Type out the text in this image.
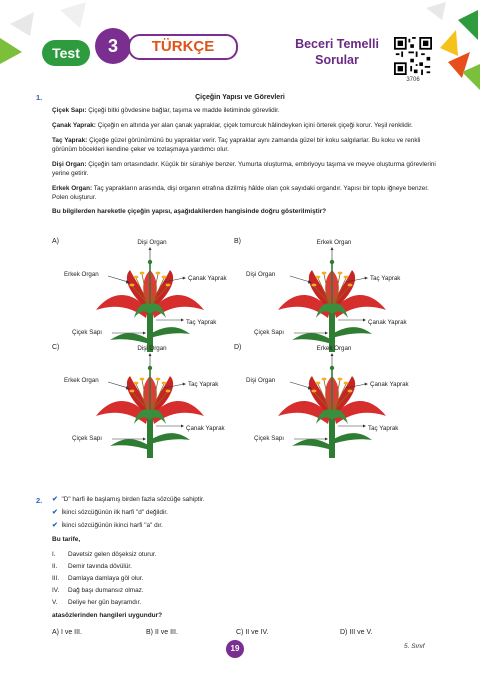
Test	3	TÜRKÇE	Beceri Temelli Sorular
3706
1.	Çiçeğin Yapısı ve Görevleri

Çiçek Sapı: Çiçeği bitki gövdesine bağlar, taşıma ve madde iletiminde görevlidir.

Çanak Yaprak: Çiçeğin en altında yer alan çanak yapraklar, çiçek tomurcuk hâlindeyken içini örterek çiçeği korur. Yeşil renklidir.

Taç Yaprak: Çiçeğe güzel görünümünü bu yapraklar verir. Taç yapraklar aynı zamanda güzel bir koku salgılarlar. Bu koku ve renkli görünüm böcekleri kendine çeker ve tozlaşmaya yardımcı olur.

Dişi Organ: Çiçeğin tam ortasındadır. Küçük bir sürahiye benzer. Yumurta oluşturma, embriyoyu taşıma ve meyve oluşturma görevlerini yerine getirir.

Erkek Organ: Taç yaprakların arasında, dişi organın etrafına dizilmiş hâlde olan çok sayıdaki organdır. Yapısı bir toplu iğneye benzer. Polen oluşturur.

Bu bilgilerden hareketle çiçeğin yapısı, aşağıdakilerden hangisinde doğru gösterilmiştir?

A)	Dişi Organ
Erkek Organ
Çanak Yaprak
Taç Yaprak
Çiçek Sapı
B)	Erkek Organ
Dişi Organ
Taç Yaprak
Çanak Yaprak
Çiçek Sapı
C)	Dişi Organ
Erkek Organ
Taç Yaprak
Çanak Yaprak
Çiçek Sapı
D)	Erkek Organ
Dişi Organ
Çanak Yaprak
Taç Yaprak
Çiçek Sapı
2. ✔ "D" harfi ile başlamış birden fazla sözcüğe sahiptir.
✔ İkinci sözcüğünün ilk harfi "d" değildir.
✔ İkinci sözcüğünün ikinci harfi "a" dır.
Bu tarife,
I. Davetsiz gelen döşeksiz oturur.
II. Demir tavında dövülür.
III. Damlaya damlaya göl olur.
IV. Dağ başı dumansız olmaz.
V. Deliye her gün bayramdır.
atasözlerinden hangileri uygundur?
A) I ve III.	B) II ve III.	C) II ve IV.	D) III ve V.
19	5. Sınıf
